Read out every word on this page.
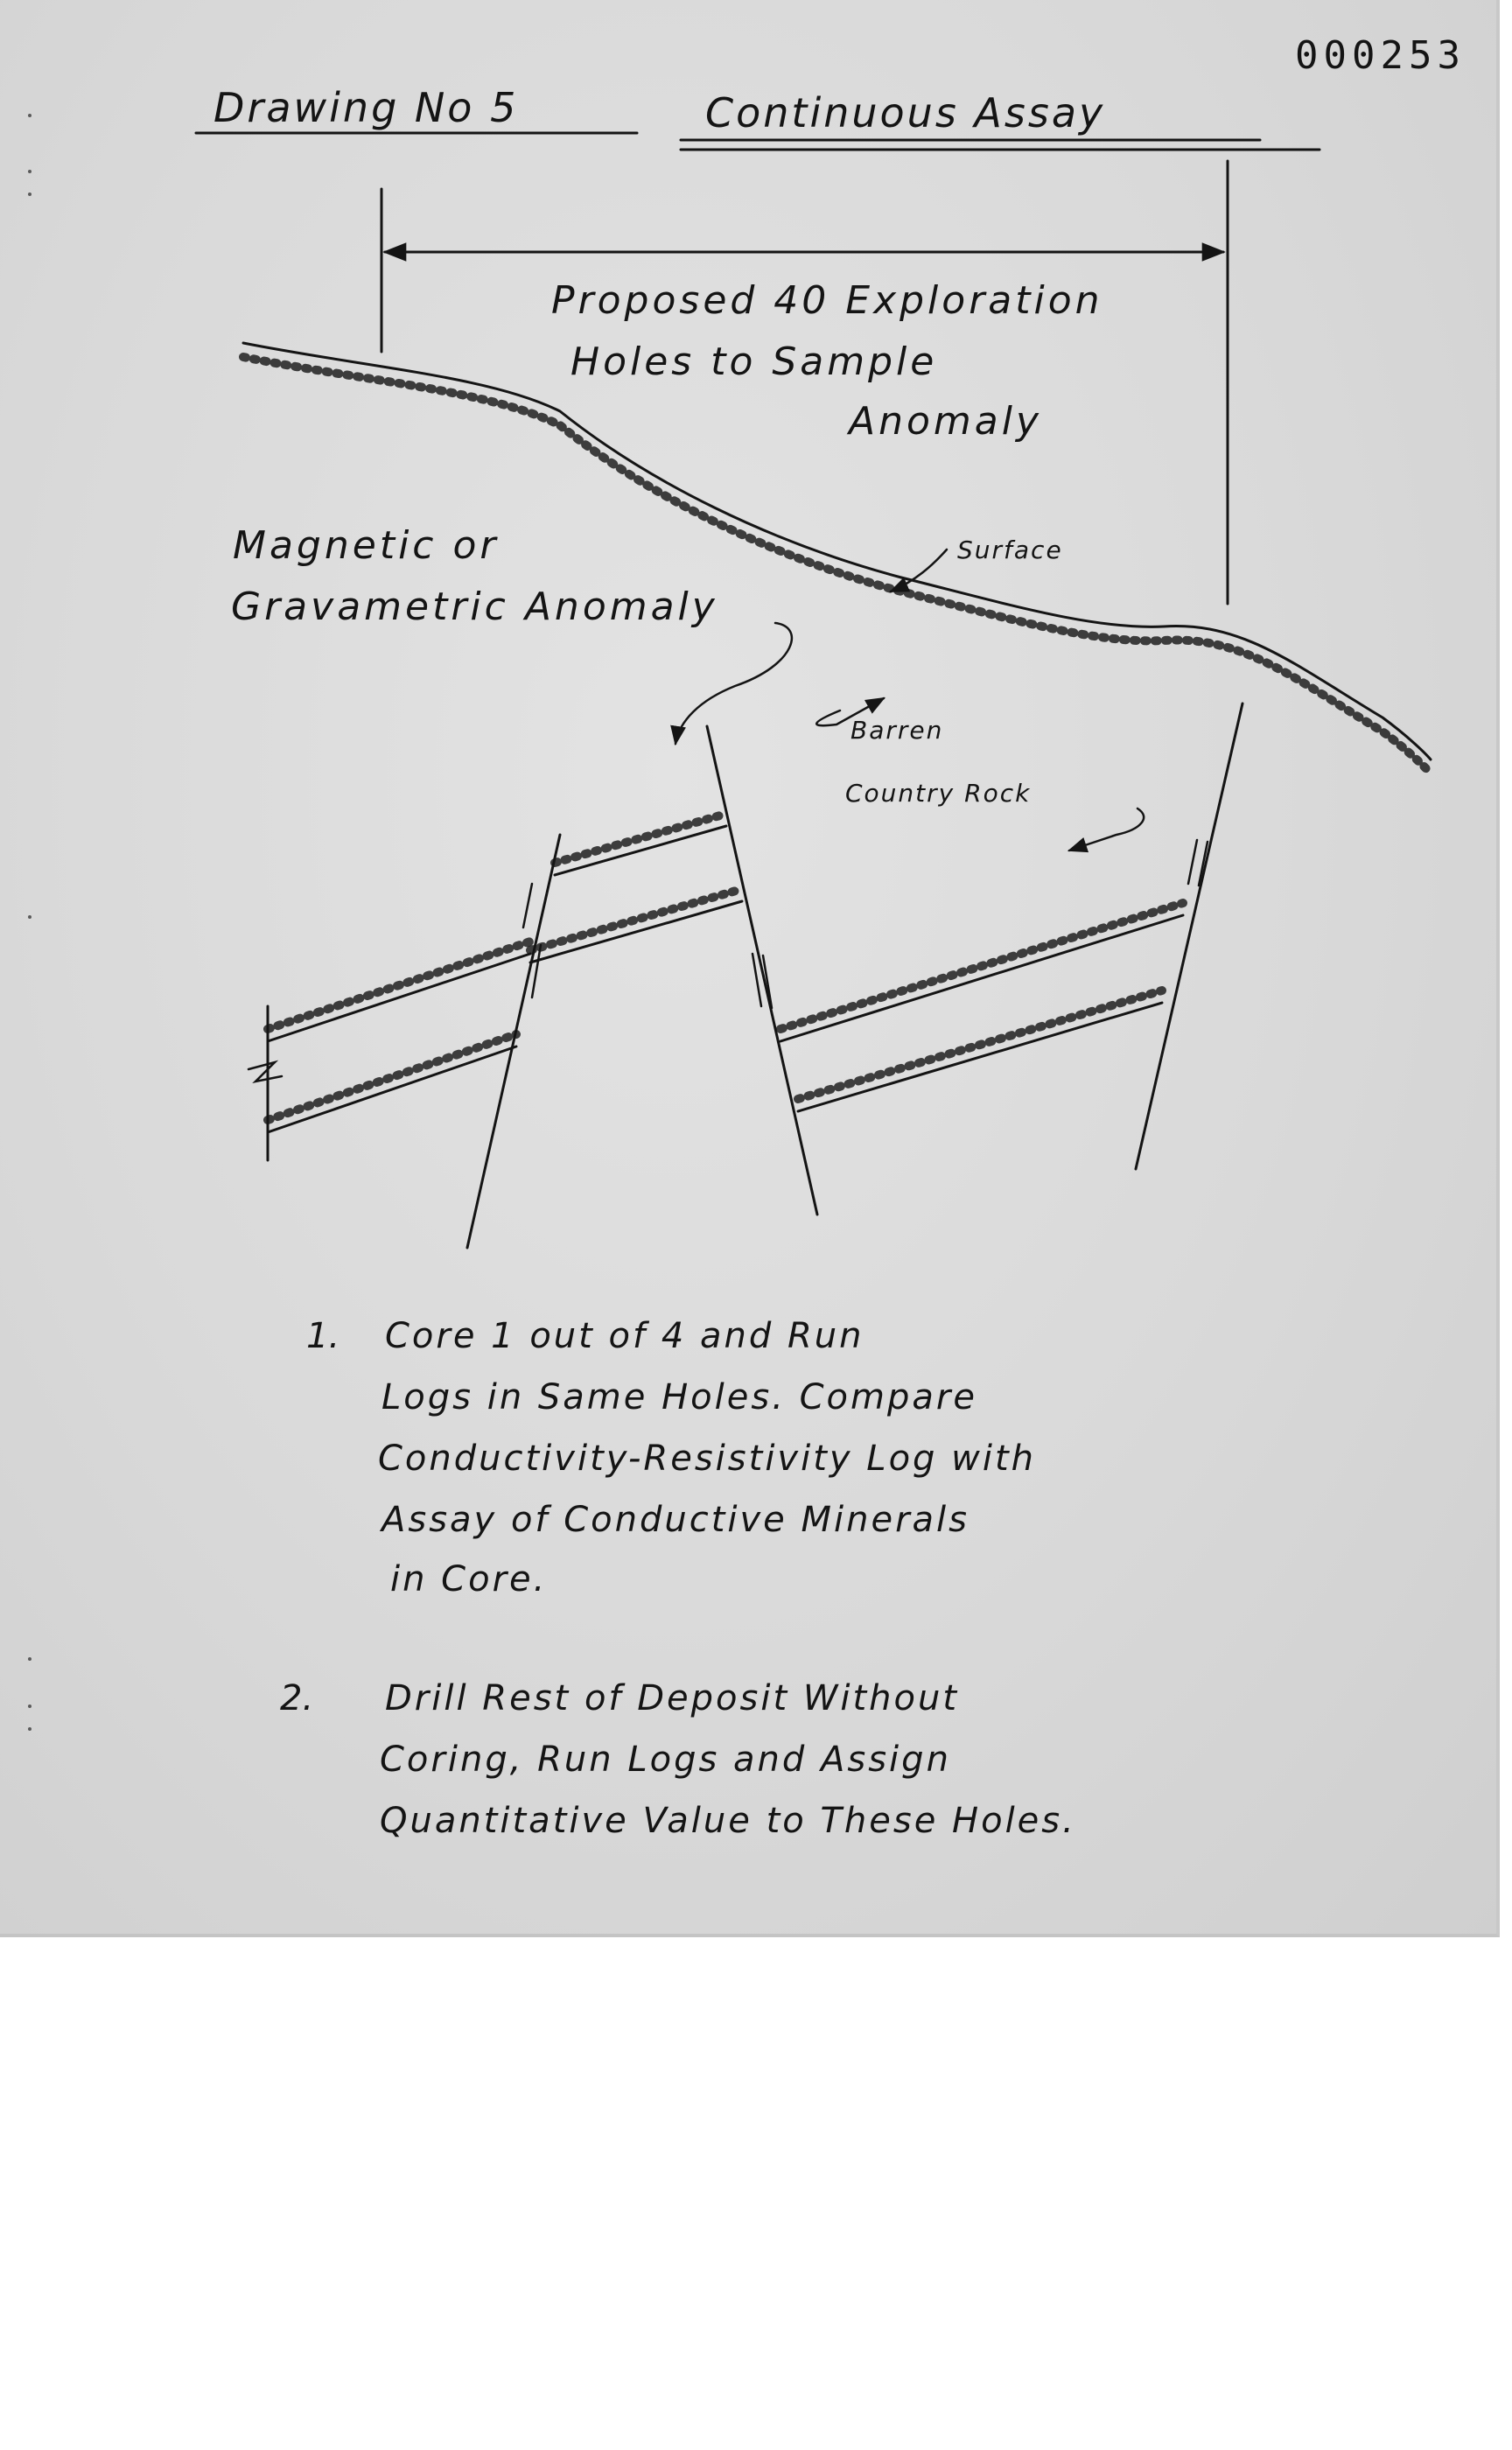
000253

Drawing No 5	Continuous Assay

Proposed 40 Exploration

Holes to Sample

Anomaly

Magnetic or

Gravametric Anomaly

Surface

Barren

Country Rock

1. Core 1 out of 4 and Run

Logs in Same Holes. Compare

Conductivity-Resistivity Log with

Assay of Conductive Minerals

in Core.

2. Drill Rest of Deposit Without

Coring, Run Logs and Assign

Quantitative Value to These Holes.
